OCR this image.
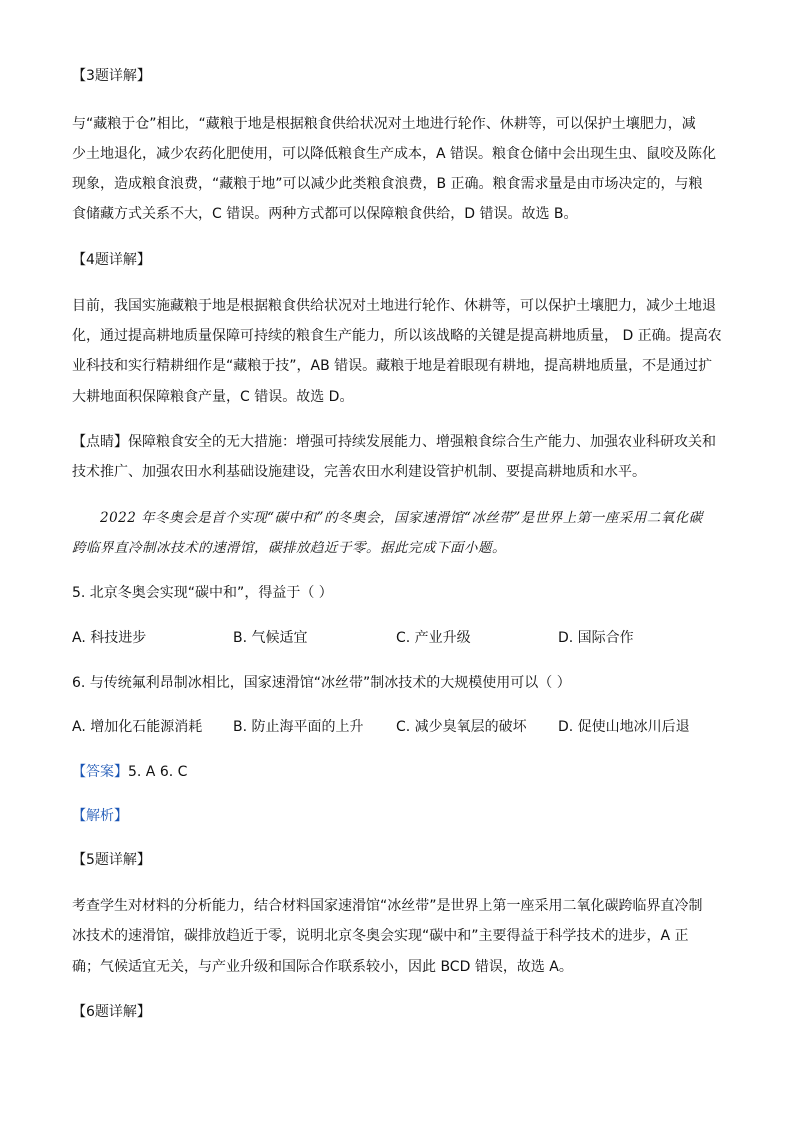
【3题详解】
与“藏粮于仓”相比，“藏粮于地是根据粮食供给状况对土地进行轮作、休耕等，可以保护土壤肥力，减
少土地退化，减少农药化肥使用，可以降低粮食生产成本，A 错误。粮食仓储中会出现生虫、鼠咬及陈化
现象，造成粮食浪费，“藏粮于地”可以减少此类粮食浪费，B 正确。粮食需求量是由市场决定的，与粮
食储藏方式关系不大，C 错误。两种方式都可以保障粮食供给，D 错误。故选 B。
【4题详解】
目前，我国实施藏粮于地是根据粮食供给状况对土地进行轮作、休耕等，可以保护土壤肥力，减少土地退
化，通过提高耕地质量保障可持续的粮食生产能力，所以该战略的关键是提高耕地质量， D 正确。提高农
业科技和实行精耕细作是“藏粮于技”，AB 错误。藏粮于地是着眼现有耕地，提高耕地质量，不是通过扩
大耕地面积保障粮食产量，C 错误。故选 D。
【点睛】保障粮食安全的无大措施：增强可持续发展能力、增强粮食综合生产能力、加强农业科研攻关和
技术推广、加强农田水利基础设施建设，完善农田水利建设管护机制、要提高耕地质和水平。
2022 年冬奥会是首个实现“碳中和”的冬奥会，国家速滑馆“冰丝带”是世界上第一座采用二氧化碳
跨临界直冷制冰技术的速滑馆，碳排放趋近于零。据此完成下面小题。
5. 北京冬奥会实现“碳中和”，得益于（ ）
A. 科技进步	B. 气候适宜	C. 产业升级	D. 国际合作
6. 与传统氟利昂制冰相比，国家速滑馆“冰丝带”制冰技术的大规模使用可以（ ）
A. 增加化石能源消耗 B. 防止海平面的上升 C. 减少臭氧层的破坏 D. 促使山地冰川后退
【答案】5. A 6. C
【解析】
【5题详解】
考查学生对材料的分析能力，结合材料国家速滑馆“冰丝带”是世界上第一座采用二氧化碳跨临界直冷制
冰技术的速滑馆，碳排放趋近于零，说明北京冬奥会实现“碳中和”主要得益于科学技术的进步，A 正
确；气候适宜无关，与产业升级和国际合作联系较小，因此 BCD 错误，故选 A。
【6题详解】
